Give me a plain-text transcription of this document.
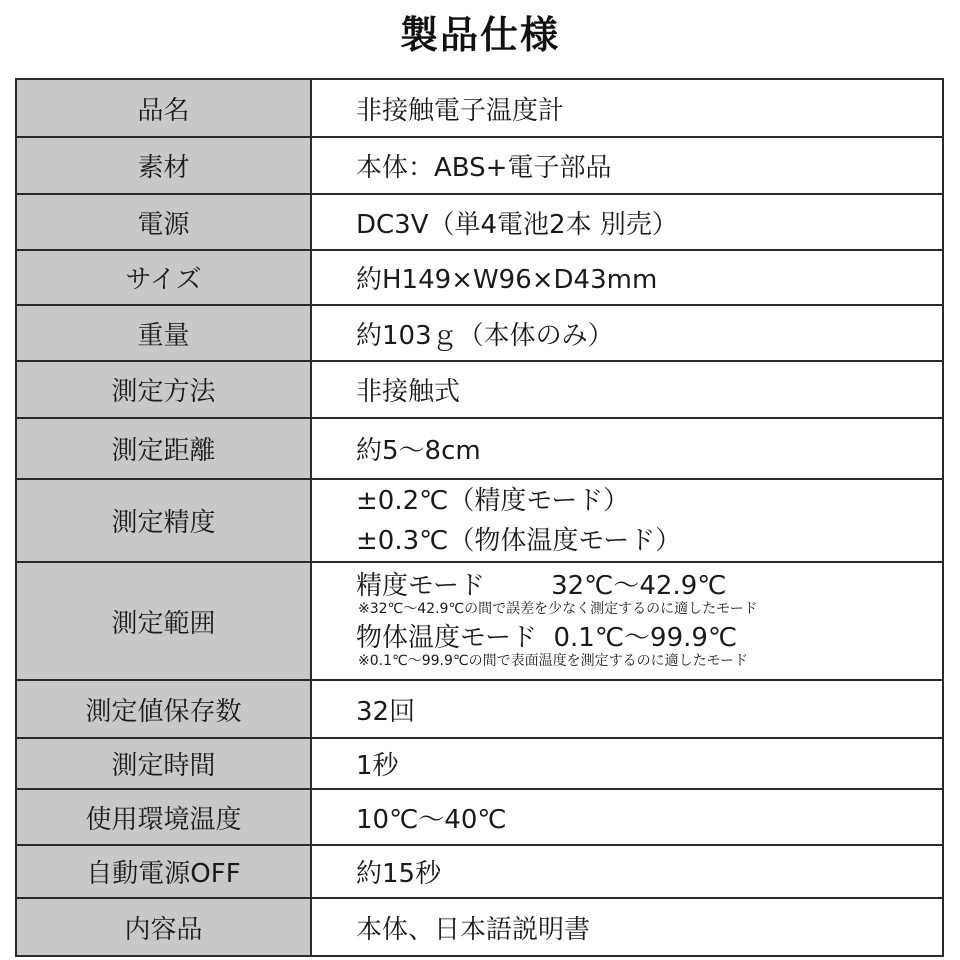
製品仕様
品名	非接触電子温度計
素材	本体：ABS+電子部品
電源	DC3V（単4電池2本 別売）
サイズ	約H149×W96×D43mm
重量	約103ｇ（本体のみ）
測定方法	非接触式
測定距離	約5〜8cm
測定精度	±0.2℃（精度モード）
±0.3℃（物体温度モード）

測定範囲	精度モード 32℃〜42.9℃
※32℃〜42.9℃の間で誤差を少なく測定するのに適したモード
物体温度モード 0.1℃〜99.9℃
※0.1℃〜99.9℃の間で表面温度を測定するのに適したモード

測定値保存数	32回
測定時間	1秒
使用環境温度	10℃〜40℃
自動電源OFF	約15秒
内容品	本体、日本語説明書
